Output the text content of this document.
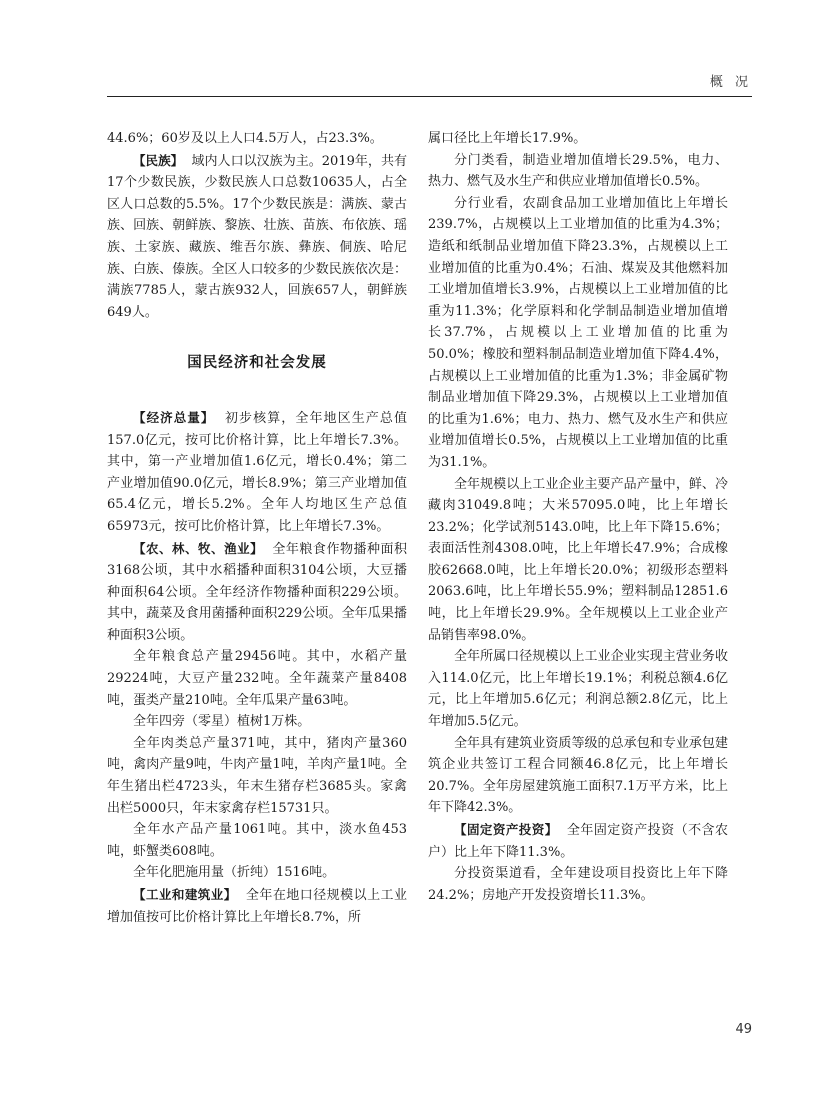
概 况

44.6%；60岁及以上人口4.5万人，占23.3%。

【民族】 域内人口以汉族为主。2019年，共有17个少数民族，少数民族人口总数10635人，占全区人口总数的5.5%。17个少数民族是：满族、蒙古族、回族、朝鲜族、黎族、壮族、苗族、布依族、瑶族、土家族、藏族、维吾尔族、彝族、侗族、哈尼族、白族、傣族。全区人口较多的少数民族依次是：满族7785人，蒙古族932人，回族657人，朝鲜族649人。

国民经济和社会发展

【经济总量】 初步核算，全年地区生产总值157.0亿元，按可比价格计算，比上年增长7.3%。其中，第一产业增加值1.6亿元，增长0.4%；第二产业增加值90.0亿元，增长8.9%；第三产业增加值65.4亿元，增长5.2%。全年人均地区生产总值65973元，按可比价格计算，比上年增长7.3%。

【农、林、牧、渔业】 全年粮食作物播种面积3168公顷，其中水稻播种面积3104公顷，大豆播种面积64公顷。全年经济作物播种面积229公顷。其中，蔬菜及食用菌播种面积229公顷。全年瓜果播种面积3公顷。

全年粮食总产量29456吨。其中，水稻产量29224吨，大豆产量232吨。全年蔬菜产量8408吨，蛋类产量210吨。全年瓜果产量63吨。

全年四旁（零星）植树1万株。

全年肉类总产量371吨，其中，猪肉产量360吨，禽肉产量9吨，牛肉产量1吨，羊肉产量1吨。全年生猪出栏4723头，年末生猪存栏3685头。家禽出栏5000只，年末家禽存栏15731只。

全年水产品产量1061吨。其中，淡水鱼453吨，虾蟹类608吨。

全年化肥施用量（折纯）1516吨。

【工业和建筑业】 全年在地口径规模以上工业增加值按可比价格计算比上年增长8.7%，所

属口径比上年增长17.9%。

分门类看，制造业增加值增长29.5%，电力、热力、燃气及水生产和供应业增加值增长0.5%。

分行业看，农副食品加工业增加值比上年增长239.7%，占规模以上工业增加值的比重为4.3%；造纸和纸制品业增加值下降23.3%，占规模以上工业增加值的比重为0.4%；石油、煤炭及其他燃料加工业增加值增长3.9%，占规模以上工业增加值的比重为11.3%；化学原料和化学制品制造业增加值增长37.7%，占规模以上工业增加值的比重为50.0%；橡胶和塑料制品制造业增加值下降4.4%，占规模以上工业增加值的比重为1.3%；非金属矿物制品业增加值下降29.3%，占规模以上工业增加值的比重为1.6%；电力、热力、燃气及水生产和供应业增加值增长0.5%，占规模以上工业增加值的比重为31.1%。

全年规模以上工业企业主要产品产量中，鲜、冷藏肉31049.8吨；大米57095.0吨，比上年增长23.2%；化学试剂5143.0吨，比上年下降15.6%；表面活性剂4308.0吨，比上年增长47.9%；合成橡胶62668.0吨，比上年增长20.0%；初级形态塑料2063.6吨，比上年增长55.9%；塑料制品12851.6吨，比上年增长29.9%。全年规模以上工业企业产品销售率98.0%。

全年所属口径规模以上工业企业实现主营业务收入114.0亿元，比上年增长19.1%；利税总额4.6亿元，比上年增加5.6亿元；利润总额2.8亿元，比上年增加5.5亿元。

全年具有建筑业资质等级的总承包和专业承包建筑企业共签订工程合同额46.8亿元，比上年增长20.7%。全年房屋建筑施工面积7.1万平方米，比上年下降42.3%。

【固定资产投资】 全年固定资产投资（不含农户）比上年下降11.3%。

分投资渠道看，全年建设项目投资比上年下降24.2%；房地产开发投资增长11.3%。

49
